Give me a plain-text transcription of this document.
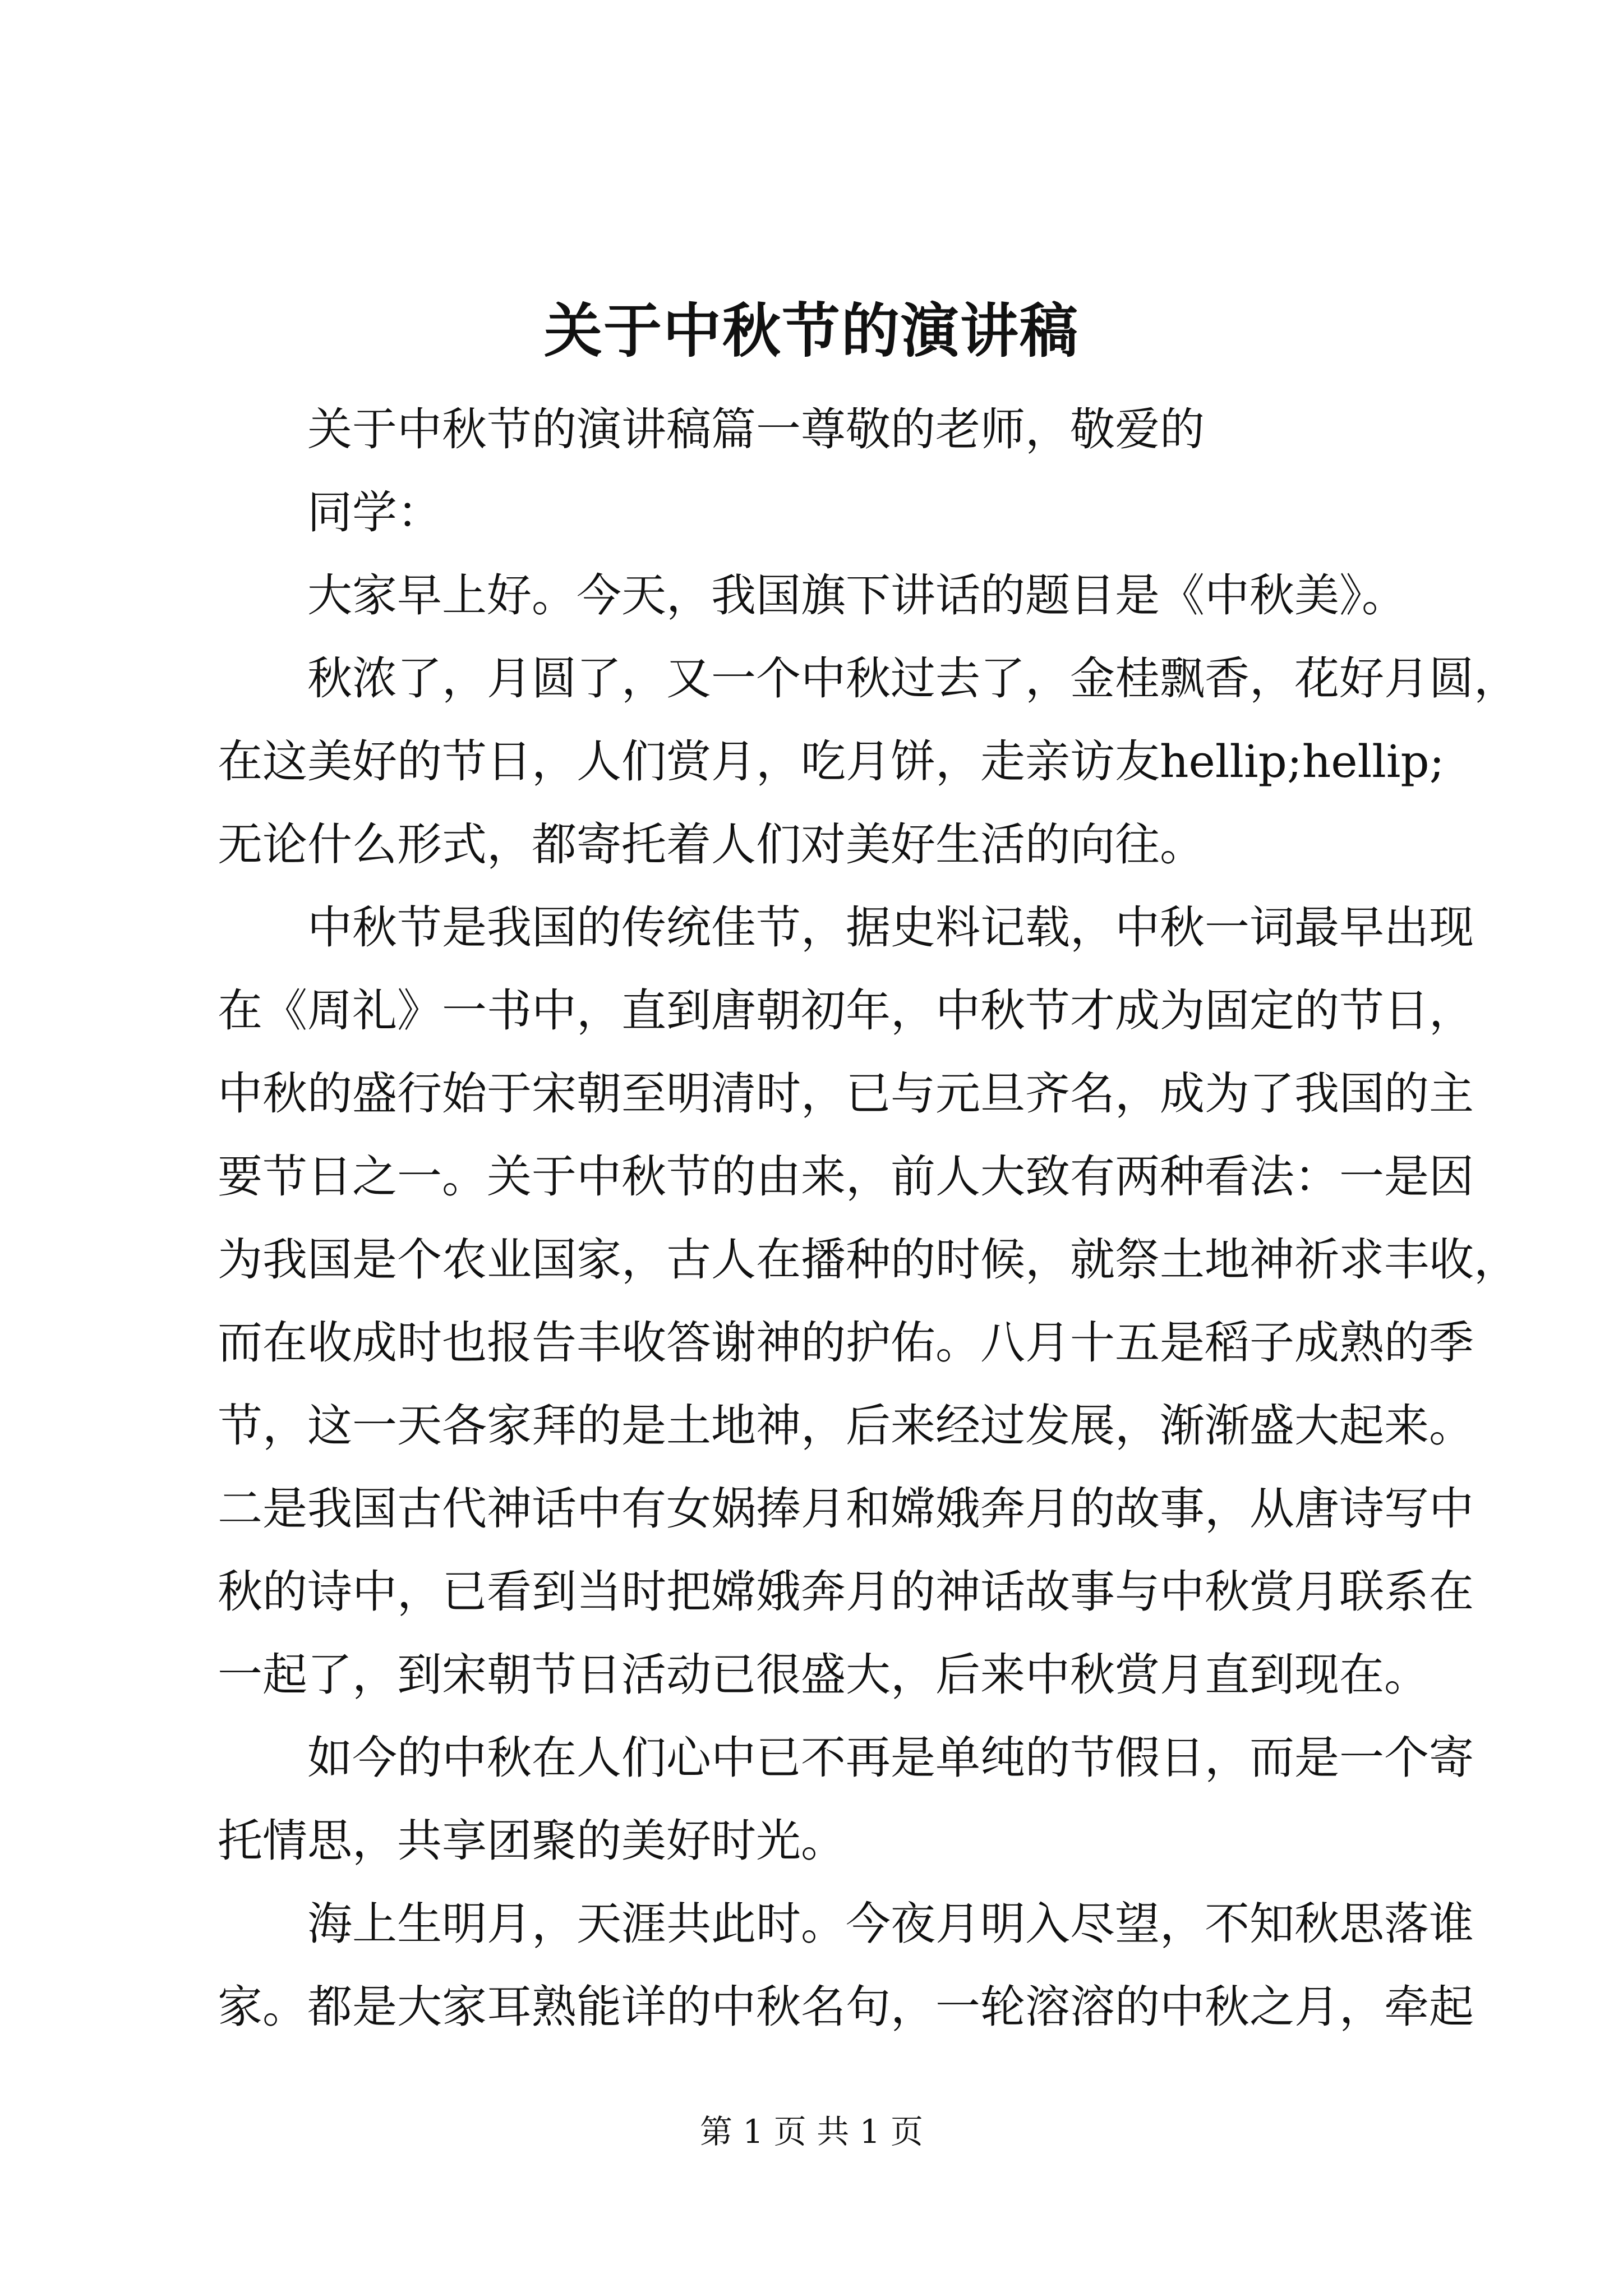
关于中秋节的演讲稿
关于中秋节的演讲稿篇一尊敬的老师，敬爱的
同学：
大家早上好。今天，我国旗下讲话的题目是《中秋美》。
秋浓了，月圆了，又一个中秋过去了，金桂飘香，花好月圆，
在这美好的节日，人们赏月，吃月饼，走亲访友hellip;hellip;
无论什么形式，都寄托着人们对美好生活的向往。
中秋节是我国的传统佳节，据史料记载，中秋一词最早出现
在《周礼》一书中，直到唐朝初年，中秋节才成为固定的节日，
中秋的盛行始于宋朝至明清时，已与元旦齐名，成为了我国的主
要节日之一。关于中秋节的由来，前人大致有两种看法：一是因
为我国是个农业国家，古人在播种的时候，就祭土地神祈求丰收，
而在收成时也报告丰收答谢神的护佑。八月十五是稻子成熟的季
节，这一天各家拜的是土地神，后来经过发展，渐渐盛大起来。
二是我国古代神话中有女娲捧月和嫦娥奔月的故事，从唐诗写中
秋的诗中，已看到当时把嫦娥奔月的神话故事与中秋赏月联系在
一起了，到宋朝节日活动已很盛大，后来中秋赏月直到现在。
如今的中秋在人们心中已不再是单纯的节假日，而是一个寄
托情思，共享团聚的美好时光。
海上生明月，天涯共此时。今夜月明入尽望，不知秋思落谁
家。都是大家耳熟能详的中秋名句，一轮溶溶的中秋之月，牵起
第 1 页 共 1 页
